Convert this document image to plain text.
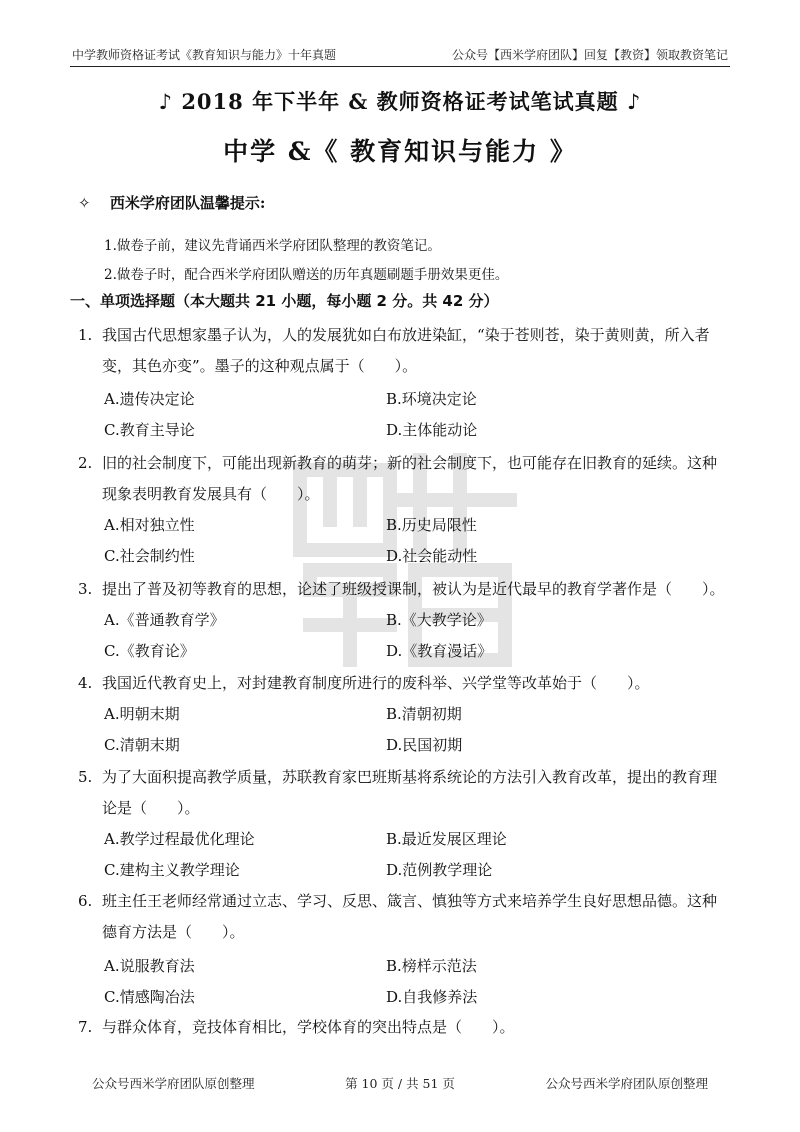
中学教师资格证考试《教育知识与能力》十年真题	公众号【西米学府团队】回复【教资】领取教资笔记
♪ 2018 年下半年 & 教师资格证考试笔试真题 ♪
中学 &《 教育知识与能力 》
✧ 西米学府团队温馨提示:
1.做卷子前，建议先背诵西米学府团队整理的教资笔记。
2.做卷子时，配合西米学府团队赠送的历年真题刷题手册效果更佳。
一、单项选择题（本大题共 21 小题，每小题 2 分。共 42 分）
1. 我国古代思想家墨子认为，人的发展犹如白布放进染缸，“染于苍则苍，染于黄则黄，所入者变，其色亦变”。墨子的这种观点属于（　　）。
A.遗传决定论	B.环境决定论
C.教育主导论	D.主体能动论
2. 旧的社会制度下，可能出现新教育的萌芽；新的社会制度下，也可能存在旧教育的延续。这种现象表明教育发展具有（　　）。
A.相对独立性	B.历史局限性
C.社会制约性	D.社会能动性
3. 提出了普及初等教育的思想，论述了班级授课制，被认为是近代最早的教育学著作是（　　）。
A.《普通教育学》	B.《大教学论》
C.《教育论》	D.《教育漫话》
4. 我国近代教育史上，对封建教育制度所进行的废科举、兴学堂等改革始于（　　）。
A.明朝末期	B.清朝初期
C.清朝末期	D.民国初期
5. 为了大面积提高教学质量，苏联教育家巴班斯基将系统论的方法引入教育改革，提出的教育理论是（　　）。
A.教学过程最优化理论	B.最近发展区理论
C.建构主义教学理论	D.范例教学理论
6. 班主任王老师经常通过立志、学习、反思、箴言、慎独等方式来培养学生良好思想品德。这种德育方法是（　　）。
A.说服教育法	B.榜样示范法
C.情感陶冶法	D.自我修养法
7. 与群众体育，竞技体育相比，学校体育的突出特点是（　　）。
公众号西米学府团队原创整理	第 10 页 / 共 51 页	公众号西米学府团队原创整理
